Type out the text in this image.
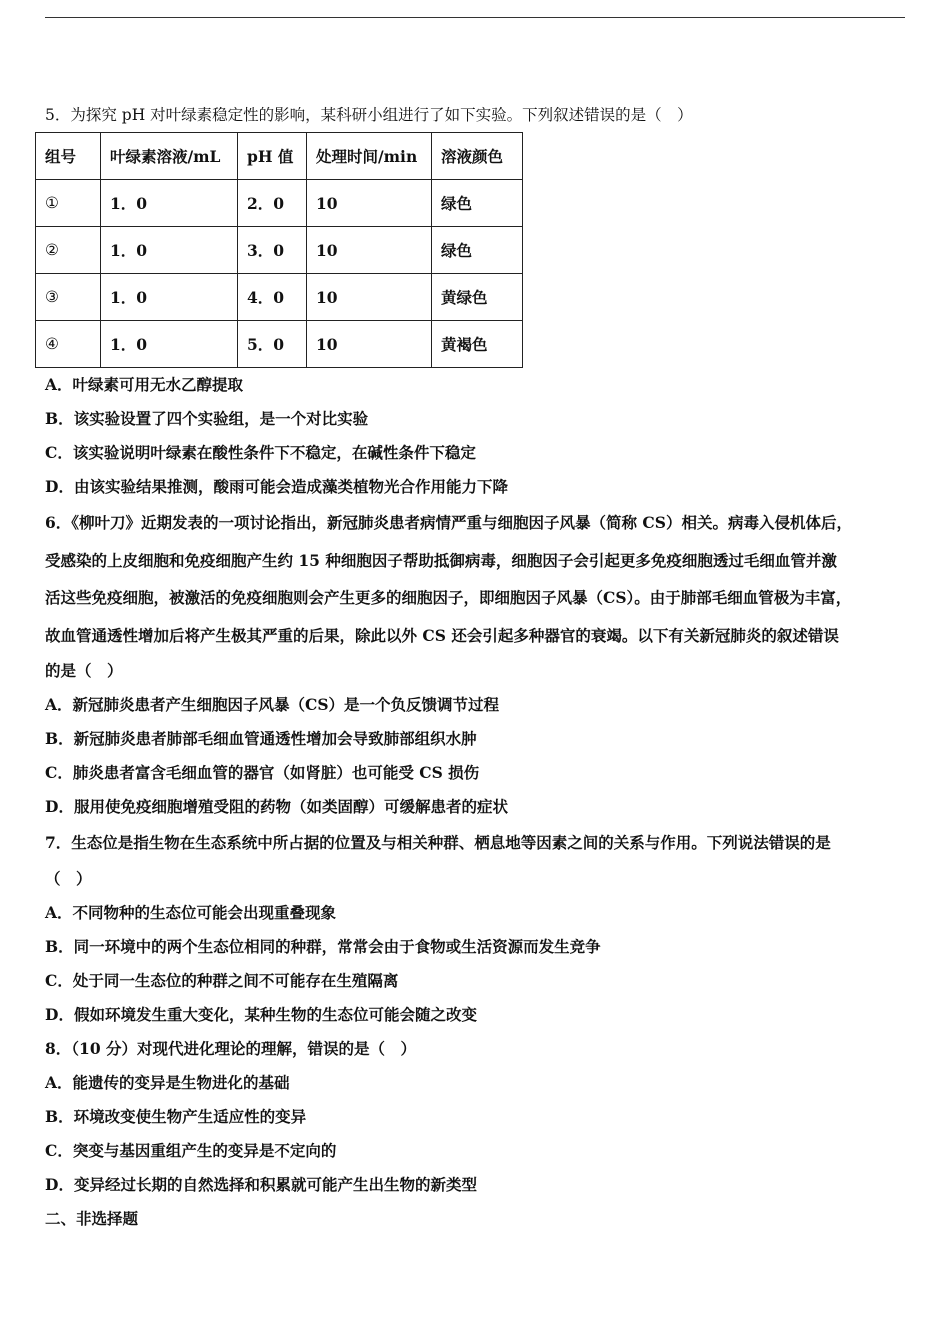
5．为探究 pH 对叶绿素稳定性的影响，某科研小组进行了如下实验。下列叙述错误的是（　）
组号	叶绿素溶液/mL	pH 值	处理时间/min	溶液颜色
①	1．0	2．0	10	绿色
②	1．0	3．0	10	绿色
③	1．0	4．0	10	黄绿色
④	1．0	5．0	10	黄褐色
A．叶绿素可用无水乙醇提取
B．该实验设置了四个实验组，是一个对比实验
C．该实验说明叶绿素在酸性条件下不稳定，在碱性条件下稳定
D．由该实验结果推测，酸雨可能会造成藻类植物光合作用能力下降
6．《柳叶刀》近期发表的一项讨论指出，新冠肺炎患者病情严重与细胞因子风暴（简称 CS）相关。病毒入侵机体后，
受感染的上皮细胞和免疫细胞产生约 15 种细胞因子帮助抵御病毒，细胞因子会引起更多免疫细胞透过毛细血管并激
活这些免疫细胞，被激活的免疫细胞则会产生更多的细胞因子，即细胞因子风暴（CS）。由于肺部毛细血管极为丰富，
故血管通透性增加后将产生极其严重的后果，除此以外 CS 还会引起多种器官的衰竭。以下有关新冠肺炎的叙述错误
的是（　）
A．新冠肺炎患者产生细胞因子风暴（CS）是一个负反馈调节过程
B．新冠肺炎患者肺部毛细血管通透性增加会导致肺部组织水肿
C．肺炎患者富含毛细血管的器官（如肾脏）也可能受 CS 损伤
D．服用使免疫细胞增殖受阻的药物（如类固醇）可缓解患者的症状
7．生态位是指生物在生态系统中所占据的位置及与相关种群、栖息地等因素之间的关系与作用。下列说法错误的是
（　）
A．不同物种的生态位可能会出现重叠现象
B．同一环境中的两个生态位相同的种群，常常会由于食物或生活资源而发生竞争
C．处于同一生态位的种群之间不可能存在生殖隔离
D．假如环境发生重大变化，某种生物的生态位可能会随之改变
8．（10 分）对现代进化理论的理解，错误的是（　）
A．能遗传的变异是生物进化的基础
B．环境改变使生物产生适应性的变异
C．突变与基因重组产生的变异是不定向的
D．变异经过长期的自然选择和积累就可能产生出生物的新类型
二、非选择题
